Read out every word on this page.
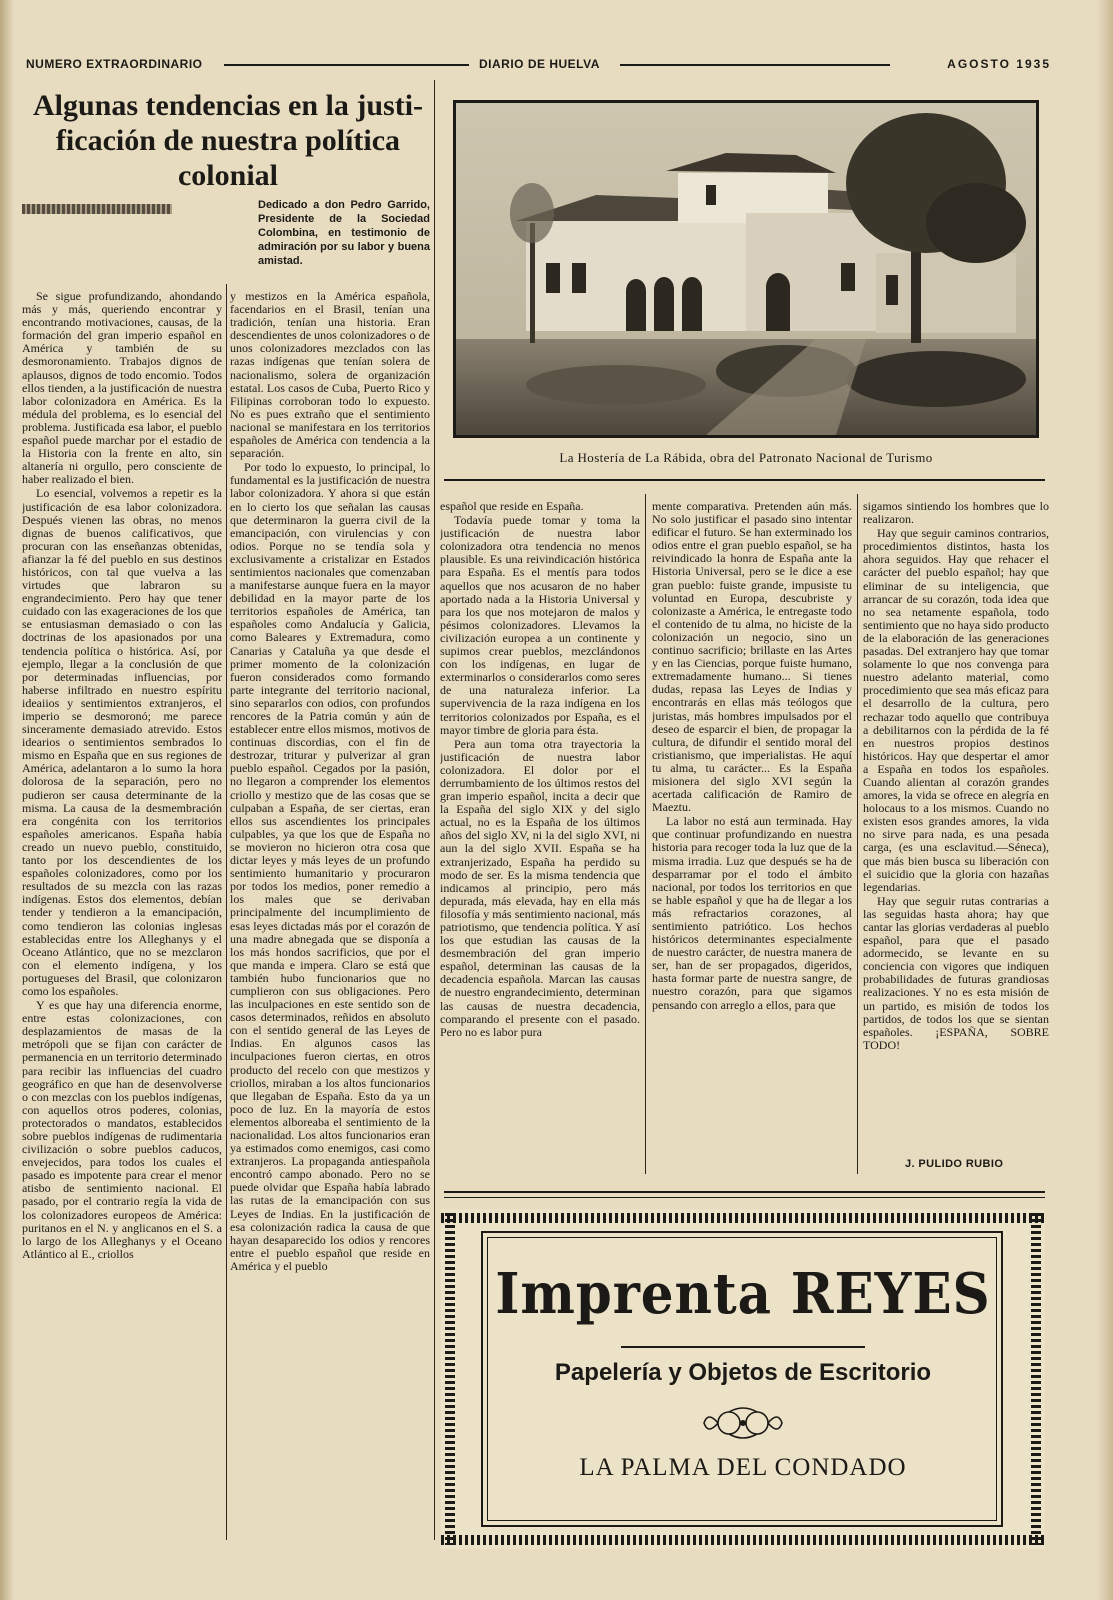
NUMERO EXTRAORDINARIO	DIARIO DE HUELVA	AGOSTO 1935
Algunas tendencias en la justi-ficación de nuestra política colonial
Dedicado a don Pedro Garrido, Presidente de la Sociedad Colombina, en testimonio de admiración por su labor y buena amistad.
La Hostería de La Rábida, obra del Patronato Nacional de Turismo

Se sigue profundizando, ahondando más y más, queriendo encontrar y encontrando motivaciones, causas, de la formación del gran imperio español en América y también de su desmoronamiento. Trabajos dignos de aplausos, dignos de todo encomio. Todos ellos tienden, a la justificación de nuestra labor colonizadora en América. Es la médula del problema, es lo esencial del problema. Justificada esa labor, el pueblo español puede marchar por el estadio de la Historia con la frente en alto, sin altanería ni orgullo, pero consciente de haber realizado el bien.

Lo esencial, volvemos a repetir es la justificación de esa labor colonizadora. Después vienen las obras, no menos dignas de buenos calificativos, que procuran con las enseñanzas obtenidas, afianzar la fé del pueblo en sus destinos históricos, con tal que vuelva a las virtudes que labraron su engrandecimiento. Pero hay que tener cuidado con las exageraciones de los que se entusiasman demasiado o con las doctrinas de los apasionados por una tendencia política o histórica. Así, por ejemplo, llegar a la conclusión de que por determinadas influencias, por haberse infiltrado en nuestro espíritu ideaiios y sentimientos extranjeros, el imperio se desmoronó; me parece sinceramente demasiado atrevido. Estos idearios o sentimientos sembrados lo mismo en España que en sus regiones de América, adelantaron a lo sumo la hora dolorosa de la separación, pero no pudieron ser causa determinante de la misma. La causa de la desmembración era congénita con los territorios españoles americanos. España había creado un nuevo pueblo, constituido, tanto por los descendientes de los españoles colonizadores, como por los resultados de su mezcla con las razas indígenas. Estos dos elementos, debían tender y tendieron a la emancipación, como tendieron las colonias inglesas establecidas entre los Alleghanys y el Oceano Atlántico, que no se mezclaron con el elemento indígena, y los portugueses del Brasil, que colonizaron como los españoles.

Y es que hay una diferencia enorme, entre estas colonizaciones, con desplazamientos de masas de la metrópoli que se fijan con carácter de permanencia en un territorio determinado para recibir las influencias del cuadro geográfico en que han de desenvolverse o con mezclas con los pueblos indígenas, con aquellos otros poderes, colonias, protectorados o mandatos, establecidos sobre pueblos indígenas de rudimentaria civilización o sobre pueblos caducos, envejecidos, para todos los cuales el pasado es impotente para crear el menor atisbo de sentimiento nacional. El pasado, por el contrario regía la vida de los colonizadores europeos de América: puritanos en el N. y anglicanos en el S. a lo largo de los Alleghanys y el Oceano Atlántico al E., criollos

y mestizos en la América española, facendarios en el Brasil, tenían una tradición, tenían una historia. Eran descendientes de unos colonizadores o de unos colonizadores mezclados con las razas indígenas que tenían solera de nacionalismo, solera de organización estatal. Los casos de Cuba, Puerto Rico y Filipinas corroboran todo lo expuesto. No es pues extraño que el sentimiento nacional se manifestara en los territorios españoles de América con tendencia a la separación.

Por todo lo expuesto, lo principal, lo fundamental es la justificación de nuestra labor colonizadora. Y ahora si que están en lo cierto los que señalan las causas que determinaron la guerra civil de la emancipación, con virulencias y con odios. Porque no se tendía sola y exclusivamente a cristalizar en Estados sentimientos nacionales que comenzaban a manifestarse aunque fuera en la mayor debilidad en la mayor parte de los territorios españoles de América, tan españoles como Andalucía y Galicia, como Baleares y Extremadura, como Canarias y Cataluña ya que desde el primer momento de la colonización fueron considerados como formando parte integrante del territorio nacional, sino separarlos con odios, con profundos rencores de la Patria común y aún de establecer entre ellos mismos, motivos de continuas discordias, con el fin de destrozar, triturar y pulverizar al gran pueblo español. Cegados por la pasión, no llegaron a comprender los elementos criollo y mestizo que de las cosas que se culpaban a España, de ser ciertas, eran ellos sus ascendientes los principales culpables, ya que los que de España no se movieron no hicieron otra cosa que dictar leyes y más leyes de un profundo sentimiento humanitario y procuraron por todos los medios, poner remedio a los males que se derivaban principalmente del incumplimiento de esas leyes dictadas más por el corazón de una madre abnegada que se disponía a los más hondos sacrificios, que por el que manda e impera. Claro se está que también hubo funcionarios que no cumplieron con sus obligaciones. Pero las inculpaciones en este sentido son de casos determinados, reñidos en absoluto con el sentido general de las Leyes de Indias. En algunos casos las inculpaciones fueron ciertas, en otros producto del recelo con que mestizos y criollos, miraban a los altos funcionarios que llegaban de España. Esto da ya un poco de luz. En la mayoría de estos elementos alboreaba el sentimiento de la nacionalidad. Los altos funcionarios eran ya estimados como enemigos, casi como extranjeros. La propaganda antiespañola encontró campo abonado. Pero no se puede olvidar que España había labrado las rutas de la emancipación con sus Leyes de Indias. En la justificación de esa colonización radica la causa de que hayan desaparecido los odios y rencores entre el pueblo español que reside en América y el pueblo

español que reside en España.

Todavía puede tomar y toma la justificación de nuestra labor colonizadora otra tendencia no menos plausible. Es una reivindicación histórica para España. Es el mentís para todos aquellos que nos acusaron de no haber aportado nada a la Historia Universal y para los que nos motejaron de malos y pésimos colonizadores. Llevamos la civilización europea a un continente y supimos crear pueblos, mezclándonos con los indígenas, en lugar de exterminarlos o considerarlos como seres de una naturaleza inferior. La supervivencia de la raza indígena en los territorios colonizados por España, es el mayor timbre de gloria para ésta.

Pera aun toma otra trayectoria la justificación de nuestra labor colonizadora. El dolor por el derrumbamiento de los últimos restos del gran imperio español, incita a decir que la España del siglo XIX y del siglo actual, no es la España de los últimos años del siglo XV, ni la del siglo XVI, ni aun la del siglo XVII. España se ha extranjerizado, España ha perdido su modo de ser. Es la misma tendencia que indicamos al principio, pero más depurada, más elevada, hay en ella más filosofía y más sentimiento nacional, más patriotismo, que tendencia política. Y así los que estudian las causas de la desmembración del gran imperio español, determinan las causas de la decadencia española. Marcan las causas de nuestro engrandecimiento, determinan las causas de nuestra decadencia, comparando el presente con el pasado. Pero no es labor pura

mente comparativa. Pretenden aún más. No solo justificar el pasado sino intentar edificar el futuro. Se han exterminado los odios entre el gran pueblo español, se ha reivindicado la honra de España ante la Historia Universal, pero se le dice a ese gran pueblo: fuiste grande, impusiste tu voluntad en Europa, descubriste y colonizaste a América, le entregaste todo el contenido de tu alma, no hiciste de la colonización un negocio, sino un continuo sacrificio; brillaste en las Artes y en las Ciencias, porque fuiste humano, extremadamente humano... Si tienes dudas, repasa las Leyes de Indias y encontrarás en ellas más teólogos que juristas, más hombres impulsados por el deseo de esparcir el bien, de propagar la cultura, de difundir el sentido moral del cristianismo, que imperialistas. He aquí tu alma, tu carácter... Es la España misionera del siglo XVI según la acertada calificación de Ramiro de Maeztu.

La labor no está aun terminada. Hay que continuar profundizando en nuestra historia para recoger toda la luz que de la misma irradia. Luz que después se ha de desparramar por el todo el ámbito nacional, por todos los territorios en que se hable español y que ha de llegar a los más refractarios corazones, al sentimiento patriótico. Los hechos históricos determinantes especialmente de nuestro carácter, de nuestra manera de ser, han de ser propagados, digeridos, hasta formar parte de nuestra sangre, de nuestro corazón, para que sigamos pensando con arreglo a ellos, para que

sigamos sintiendo los hombres que lo realizaron.

Hay que seguir caminos contrarios, procedimientos distintos, hasta los ahora seguidos. Hay que rehacer el carácter del pueblo español; hay que eliminar de su inteligencia, que arrancar de su corazón, toda idea que no sea netamente española, todo sentimiento que no haya sido producto de la elaboración de las generaciones pasadas. Del extranjero hay que tomar solamente lo que nos convenga para nuestro adelanto material, como procedimiento que sea más eficaz para el desarrollo de la cultura, pero rechazar todo aquello que contribuya a debilitarnos con la pérdida de la fé en nuestros propios destinos históricos. Hay que despertar el amor a España en todos los españoles. Cuando alientan al corazón grandes amores, la vida se ofrece en alegría en holocaus to a los mismos. Cuando no existen esos grandes amores, la vida no sirve para nada, es una pesada carga, (es una esclavitud.—Séneca), que más bien busca su liberación con el suicidio que la gloria con hazañas legendarias.

Hay que seguir rutas contrarias a las seguidas hasta ahora; hay que cantar las glorias verdaderas al pueblo español, para que el pasado adormecido, se levante en su conciencia con vigores que indiquen probabilidades de futuras grandiosas realizaciones. Y no es esta misión de un partido, es misión de todos los partidos, de todos los que se sientan españoles. ¡ESPAÑA, SOBRE TODO!

J. PULIDO RUBIO
Imprenta REYES
Papelería y Objetos de Escritorio
LA PALMA DEL CONDADO
